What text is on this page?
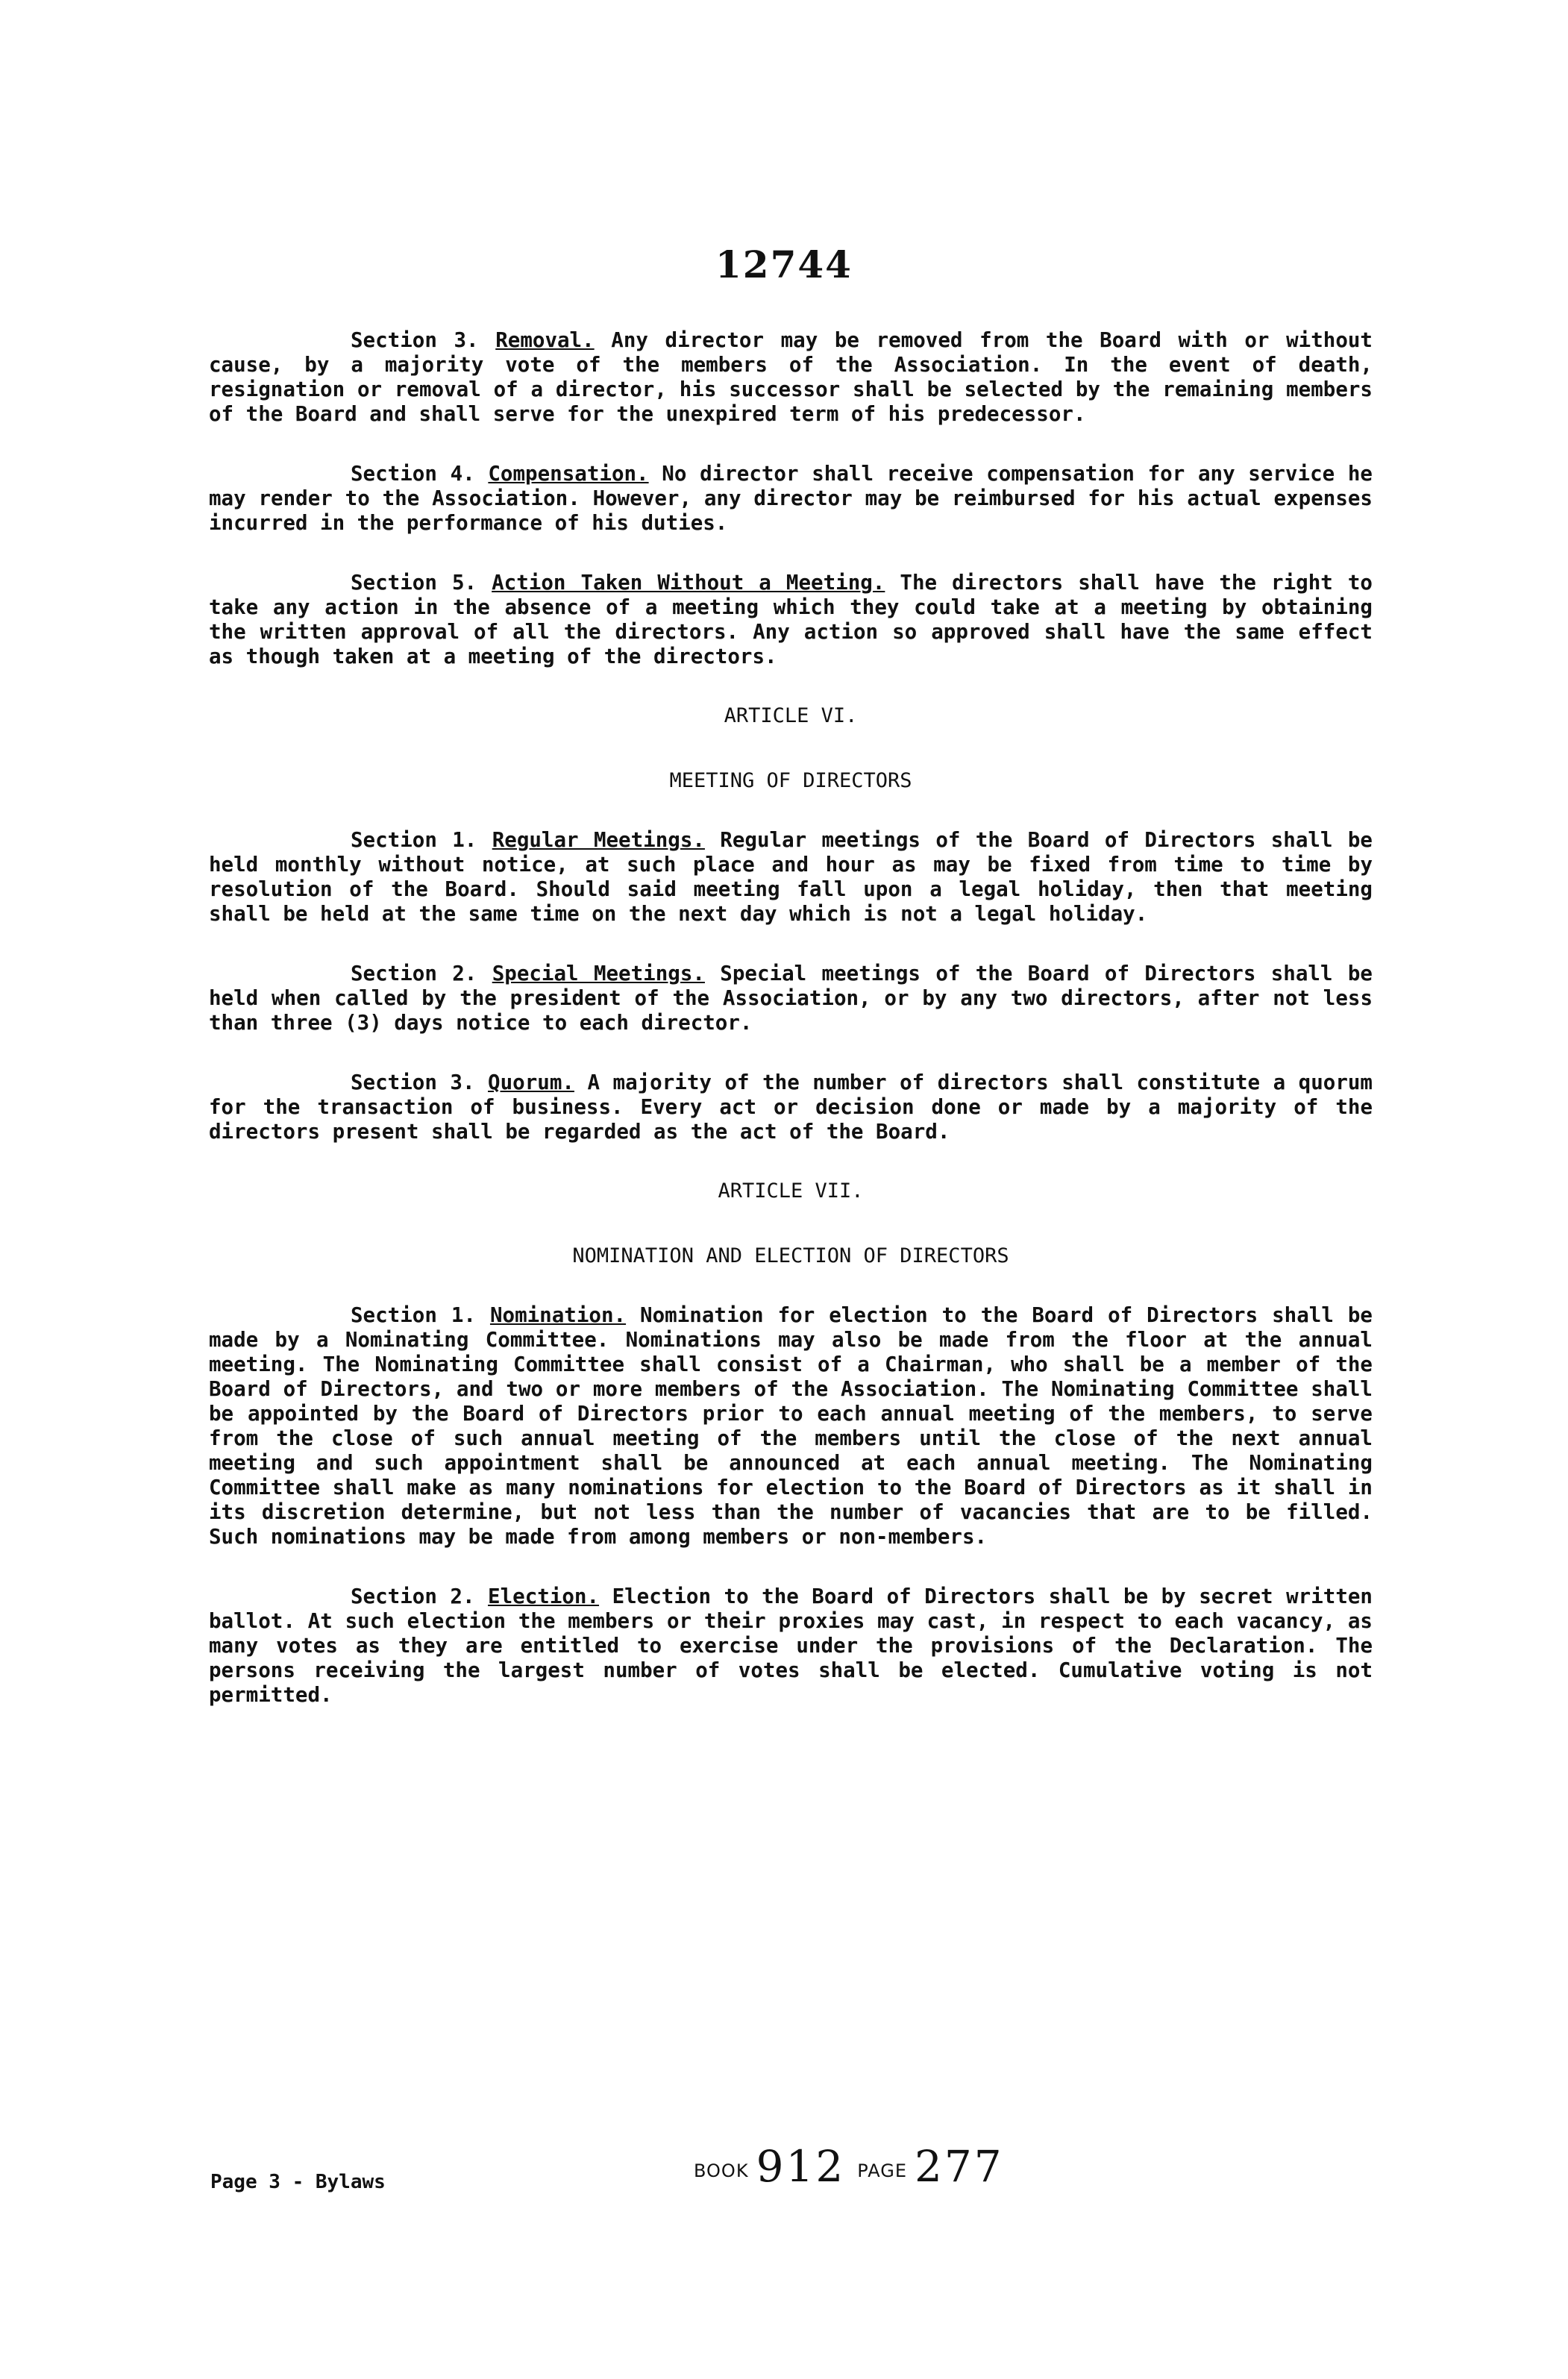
12744

Section 3. Removal. Any director may be removed from the Board with or without cause, by a majority vote of the members of the Association. In the event of death, resignation or removal of a director, his successor shall be selected by the remaining members of the Board and shall serve for the unexpired term of his predecessor.

Section 4. Compensation. No director shall receive compensation for any service he may render to the Association. However, any director may be reimbursed for his actual expenses incurred in the performance of his duties.

Section 5. Action Taken Without a Meeting. The directors shall have the right to take any action in the absence of a meeting which they could take at a meeting by obtaining the written approval of all the directors. Any action so approved shall have the same effect as though taken at a meeting of the directors.

ARTICLE VI.
MEETING OF DIRECTORS

Section 1. Regular Meetings. Regular meetings of the Board of Directors shall be held monthly without notice, at such place and hour as may be fixed from time to time by resolution of the Board. Should said meeting fall upon a legal holiday, then that meeting shall be held at the same time on the next day which is not a legal holiday.

Section 2. Special Meetings. Special meetings of the Board of Directors shall be held when called by the president of the Association, or by any two directors, after not less than three (3) days notice to each director.

Section 3. Quorum. A majority of the number of directors shall constitute a quorum for the transaction of business. Every act or decision done or made by a majority of the directors present shall be regarded as the act of the Board.

ARTICLE VII.
NOMINATION AND ELECTION OF DIRECTORS

Section 1. Nomination. Nomination for election to the Board of Directors shall be made by a Nominating Committee. Nominations may also be made from the floor at the annual meeting. The Nominating Committee shall consist of a Chairman, who shall be a member of the Board of Directors, and two or more members of the Association. The Nominating Committee shall be appointed by the Board of Directors prior to each annual meeting of the members, to serve from the close of such annual meeting of the members until the close of the next annual meeting and such appointment shall be announced at each annual meeting. The Nominating Committee shall make as many nominations for election to the Board of Directors as it shall in its discretion determine, but not less than the number of vacancies that are to be filled. Such nominations may be made from among members or non-members.

Section 2. Election. Election to the Board of Directors shall be by secret written ballot. At such election the members or their proxies may cast, in respect to each vacancy, as many votes as they are entitled to exercise under the provisions of the Declaration. The persons receiving the largest number of votes shall be elected. Cumulative voting is not permitted.

Page 3 - Bylaws	BOOK 912 PAGE 277
